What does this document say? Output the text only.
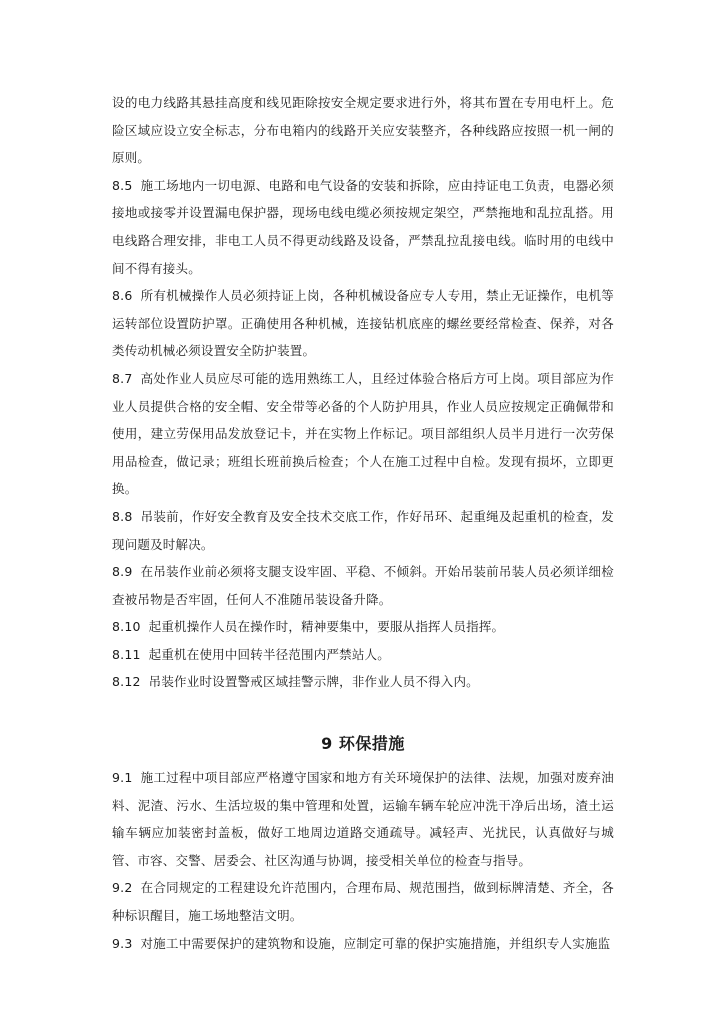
设的电力线路其悬挂高度和线见距除按安全规定要求进行外，将其布置在专用电杆上。危险区域应设立安全标志，分布电箱内的线路开关应安装整齐，各种线路应按照一机一闸的原则。

8.5 施工场地内一切电源、电路和电气设备的安装和拆除，应由持证电工负责，电器必须接地或接零并设置漏电保护器，现场电线电缆必须按规定架空，严禁拖地和乱拉乱搭。用电线路合理安排，非电工人员不得更动线路及设备，严禁乱拉乱接电线。临时用的电线中间不得有接头。

8.6 所有机械操作人员必须持证上岗，各种机械设备应专人专用，禁止无证操作，电机等运转部位设置防护罩。正确使用各种机械，连接钻机底座的螺丝要经常检查、保养，对各类传动机械必须设置安全防护装置。

8.7 高处作业人员应尽可能的选用熟练工人，且经过体验合格后方可上岗。项目部应为作业人员提供合格的安全帽、安全带等必备的个人防护用具，作业人员应按规定正确佩带和使用，建立劳保用品发放登记卡，并在实物上作标记。项目部组织人员半月进行一次劳保用品检查，做记录；班组长班前换后检查；个人在施工过程中自检。发现有损坏，立即更换。

8.8 吊装前，作好安全教育及安全技术交底工作，作好吊环、起重绳及起重机的检查，发现问题及时解决。

8.9 在吊装作业前必须将支腿支设牢固、平稳、不倾斜。开始吊装前吊装人员必须详细检查被吊物是否牢固，任何人不准随吊装设备升降。

8.10 起重机操作人员在操作时，精神要集中，要服从指挥人员指挥。

8.11 起重机在使用中回转半径范围内严禁站人。

8.12 吊装作业时设置警戒区域挂警示牌，非作业人员不得入内。

9 环保措施

9.1 施工过程中项目部应严格遵守国家和地方有关环境保护的法律、法规，加强对废弃油料、泥渣、污水、生活垃圾的集中管理和处置，运输车辆车轮应冲洗干净后出场，渣土运输车辆应加装密封盖板，做好工地周边道路交通疏导。减轻声、光扰民，认真做好与城管、市容、交警、居委会、社区沟通与协调，接受相关单位的检查与指导。

9.2 在合同规定的工程建设允许范围内，合理布局、规范围挡，做到标牌清楚、齐全，各种标识醒目，施工场地整洁文明。

9.3 对施工中需要保护的建筑物和设施，应制定可靠的保护实施措施，并组织专人实施监
